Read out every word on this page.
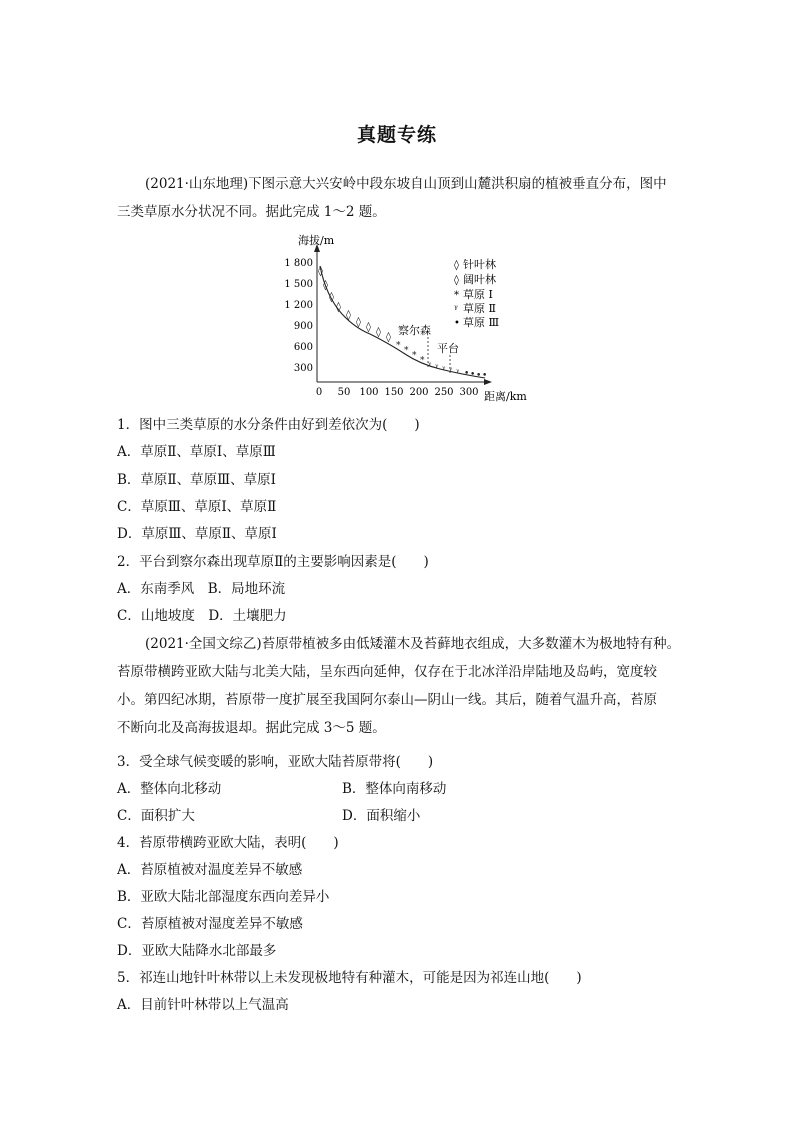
真题专练
(2021·山东地理)下图示意大兴安岭中段东坡自山顶到山麓洪积扇的植被垂直分布，图中
三类草原水分状况不同。据此完成 1～2 题。
海拔/m
距离/km
1 800
1 500
1 200
900
600
300
0 50 100 150 200 250 300
◊
◊
◊
◊
◊
◊ ◊ ◊ ◊
* * * * ᵞ ᵞ ᵞ ᵞ ᵞ • • • •
察尔森
平台
◊ 针叶林
◊ 阔叶林
* 草原 Ⅰ
ᵞ 草原 Ⅱ
• 草原 Ⅲ
1．图中三类草原的水分条件由好到差依次为(　　)
A．草原Ⅱ、草原Ⅰ、草原Ⅲ
B．草原Ⅱ、草原Ⅲ、草原Ⅰ
C．草原Ⅲ、草原Ⅰ、草原Ⅱ
D．草原Ⅲ、草原Ⅱ、草原Ⅰ
2．平台到察尔森出现草原Ⅱ的主要影响因素是(　　)
A．东南季风　B．局地环流
C．山地坡度　D．土壤肥力
(2021·全国文综乙)苔原带植被多由低矮灌木及苔藓地衣组成，大多数灌木为极地特有种。
苔原带横跨亚欧大陆与北美大陆，呈东西向延伸，仅存在于北冰洋沿岸陆地及岛屿，宽度较
小。第四纪冰期，苔原带一度扩展至我国阿尔泰山—阴山一线。其后，随着气温升高，苔原
不断向北及高海拔退却。据此完成 3～5 题。
3．受全球气候变暖的影响，亚欧大陆苔原带将(　　)
A．整体向北移动	B．整体向南移动
C．面积扩大	D．面积缩小
4．苔原带横跨亚欧大陆，表明(　　)
A．苔原植被对温度差异不敏感
B．亚欧大陆北部湿度东西向差异小
C．苔原植被对湿度差异不敏感
D．亚欧大陆降水北部最多
5．祁连山地针叶林带以上未发现极地特有种灌木，可能是因为祁连山地(　　)
A．目前针叶林带以上气温高
